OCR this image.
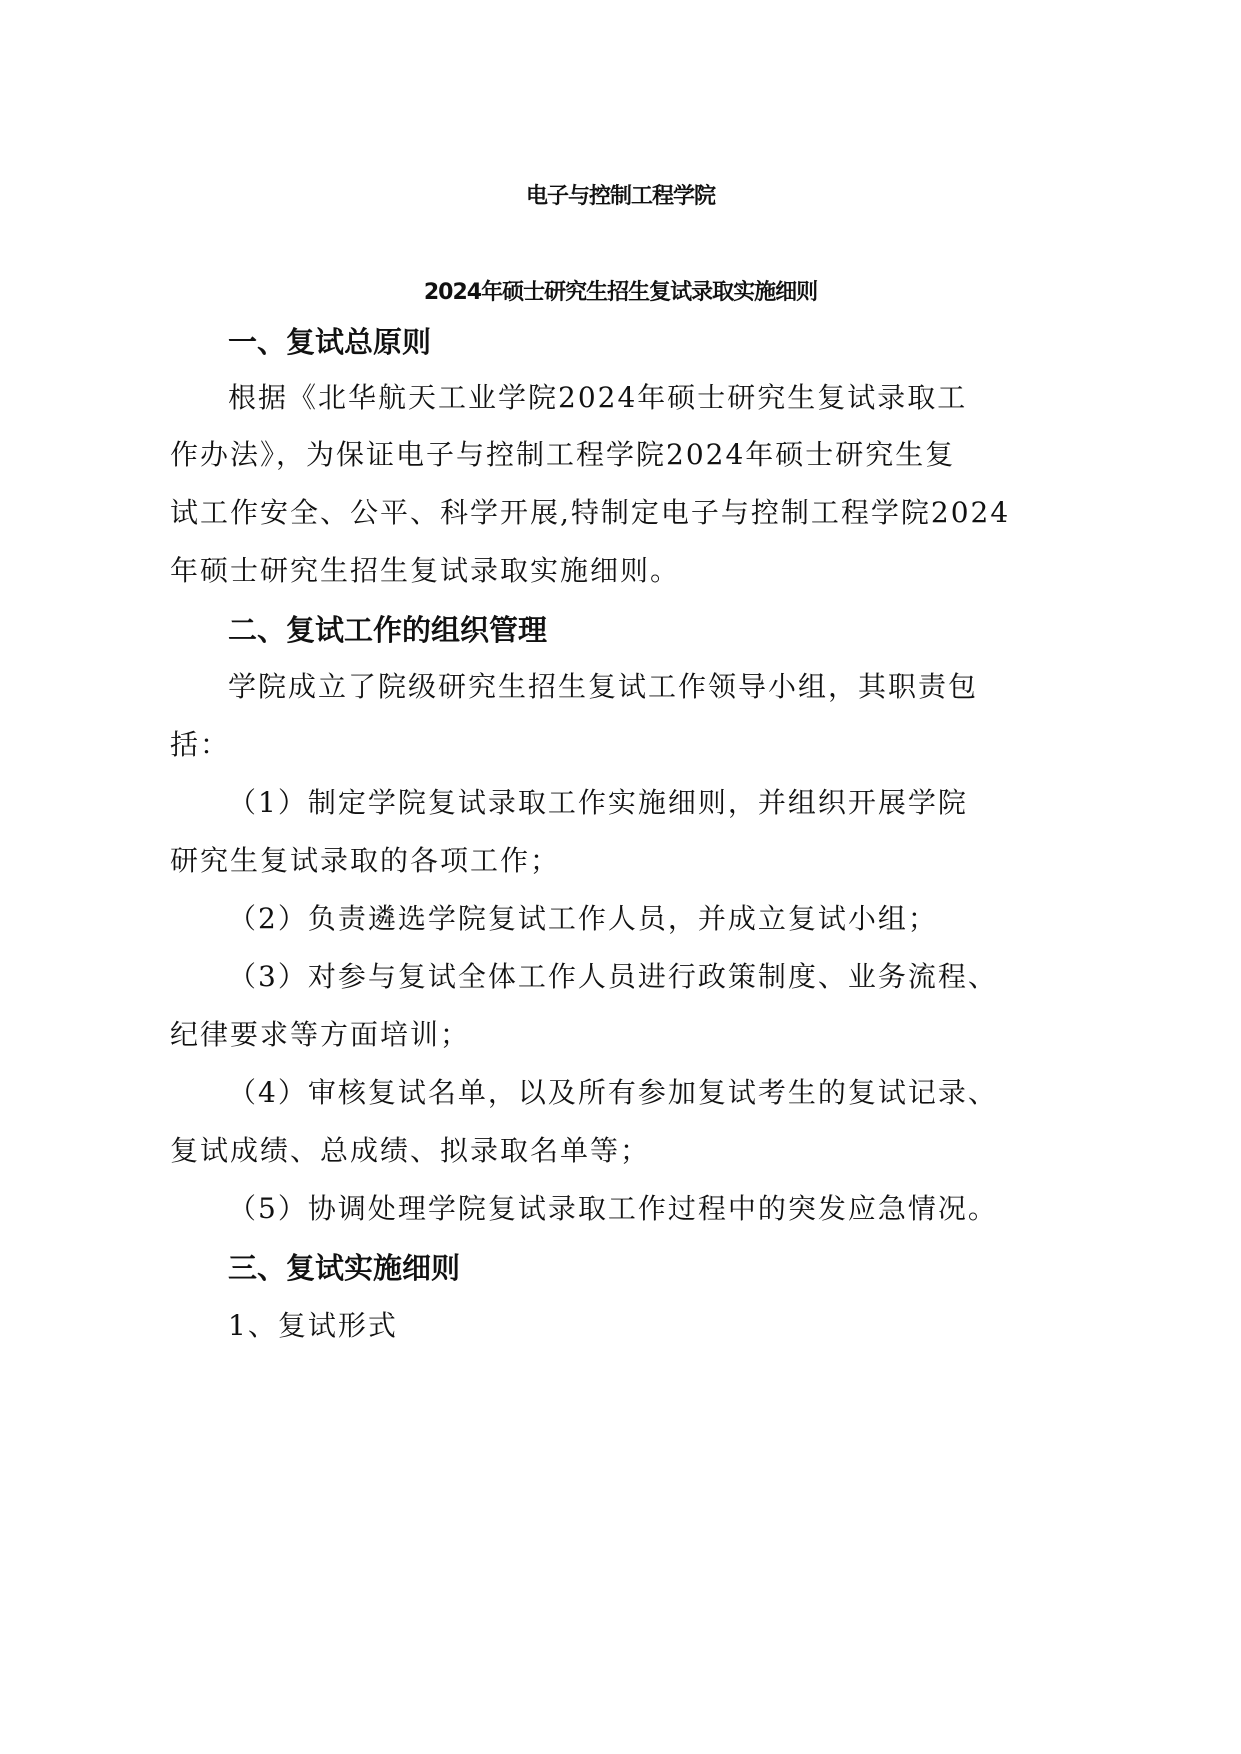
电子与控制工程学院
2024年硕士研究生招生复试录取实施细则
一、复试总原则
根据《北华航天工业学院2024年硕士研究生复试录取工
作办法》，为保证电子与控制工程学院2024年硕士研究生复
试工作安全、公平、科学开展,特制定电子与控制工程学院2024
年硕士研究生招生复试录取实施细则。
二、复试工作的组织管理
学院成立了院级研究生招生复试工作领导小组，其职责包
括：
（1）制定学院复试录取工作实施细则，并组织开展学院
研究生复试录取的各项工作；
（2）负责遴选学院复试工作人员，并成立复试小组；
（3）对参与复试全体工作人员进行政策制度、业务流程、
纪律要求等方面培训；
（4）审核复试名单，以及所有参加复试考生的复试记录、
复试成绩、总成绩、拟录取名单等；
（5）协调处理学院复试录取工作过程中的突发应急情况。
三、复试实施细则
1、复试形式
